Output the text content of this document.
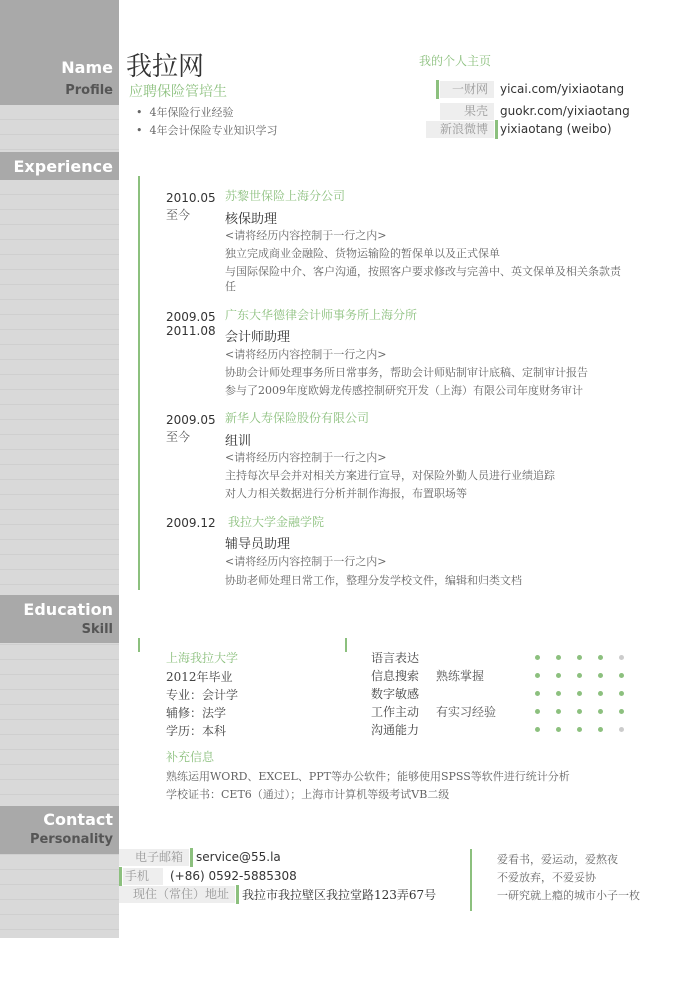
Name
Profile
Experience
Education
Skill
Contact
Personality
我拉网
应聘保险管培生
•  4年保险行业经验
•  4年会计保险专业知识学习
我的个人主页
一财网	yicai.com/yixiaotang
果壳	guokr.com/yixiaotang
新浪微博	yixiaotang (weibo)
2010.05
至今
苏黎世保险上海分公司
核保助理
<请将经历内容控制于一行之内>
独立完成商业金融险、货物运输险的暂保单以及正式保单
与国际保险中介、客户沟通，按照客户要求修改与完善中、英文保单及相关条款责
任
2009.05
2011.08
广东大华德律会计师事务所上海分所
会计师助理
<请将经历内容控制于一行之内>
协助会计师处理事务所日常事务，帮助会计师贴制审计底稿、定制审计报告
参与了2009年度欧姆龙传感控制研究开发（上海）有限公司年度财务审计
2009.05
至今
新华人寿保险股份有限公司
组训
<请将经历内容控制于一行之内>
主持每次早会并对相关方案进行宣导，对保险外勤人员进行业绩追踪
对人力相关数据进行分析并制作海报，布置职场等
2009.12 我拉大学金融学院
辅导员助理
<请将经历内容控制于一行之内>
协助老师处理日常工作，整理分发学校文件，编辑和归类文档
上海我拉大学
2012年毕业
专业：会计学
辅修：法学
学历：本科
补充信息
熟练运用WORD、EXCEL、PPT等办公软件；能够使用SPSS等软件进行统计分析
学校证书：CET6（通过）；上海市计算机等级考试VB二级
语言表达
信息搜索 熟练掌握
数字敏感
工作主动 有实习经验
沟通能力
电子邮箱	service@55.la
手机	(+86) 0592-5885308
现住（常住）地址	我拉市我拉壁区我拉堂路123弄67号
爱看书，爱运动，爱熬夜
不爱放弃，不爱妥协
一研究就上瘾的城市小子一枚
